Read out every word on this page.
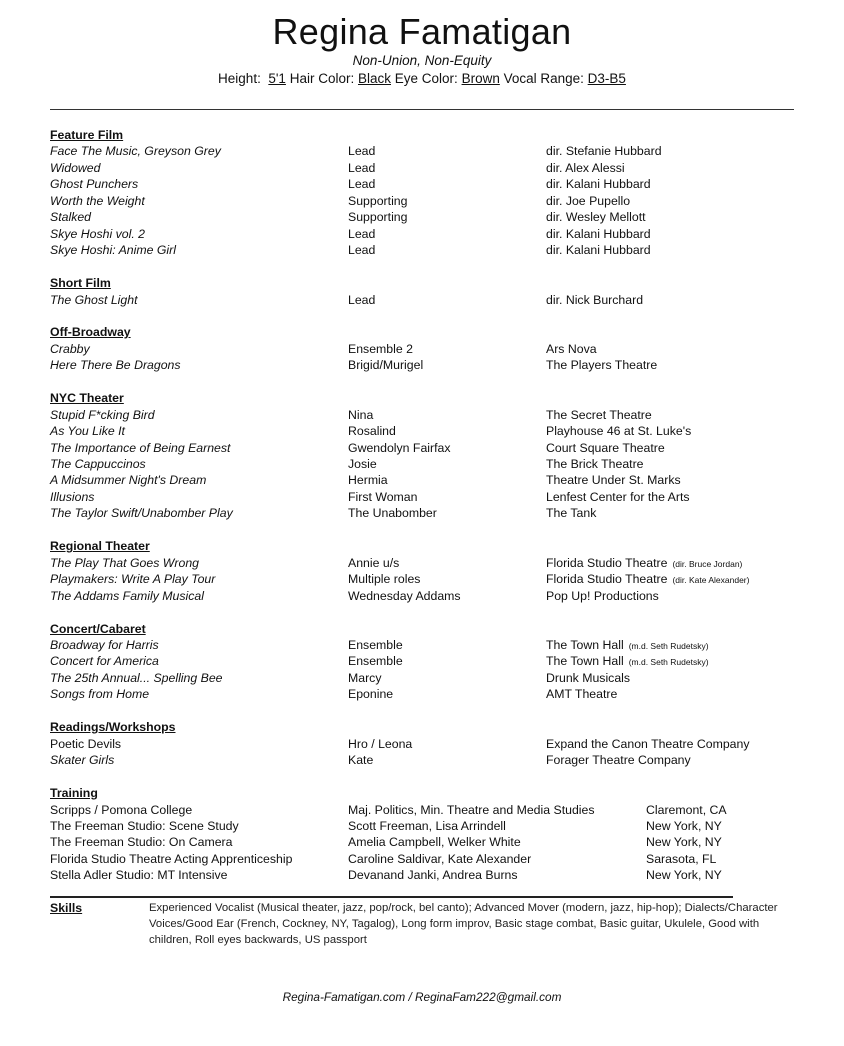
Regina Famatigan
Non-Union, Non-Equity
Height: 5'1 Hair Color: Black Eye Color: Brown Vocal Range: D3-B5
Feature Film
Face The Music, Greyson Grey	Lead	dir. Stefanie Hubbard
Widowed	Lead	dir. Alex Alessi
Ghost Punchers	Lead	dir. Kalani Hubbard
Worth the Weight	Supporting	dir. Joe Pupello
Stalked	Supporting	dir. Wesley Mellott
Skye Hoshi vol. 2	Lead	dir. Kalani Hubbard
Skye Hoshi: Anime Girl	Lead	dir. Kalani Hubbard
Short Film
The Ghost Light	Lead	dir. Nick Burchard
Off-Broadway
Crabby	Ensemble 2	Ars Nova
Here There Be Dragons	Brigid/Murigel	The Players Theatre
NYC Theater
Stupid F*cking Bird	Nina	The Secret Theatre
As You Like It	Rosalind	Playhouse 46 at St. Luke's
The Importance of Being Earnest	Gwendolyn Fairfax	Court Square Theatre
The Cappuccinos	Josie	The Brick Theatre
A Midsummer Night's Dream	Hermia	Theatre Under St. Marks
Illusions	First Woman	Lenfest Center for the Arts
The Taylor Swift/Unabomber Play	The Unabomber	The Tank
Regional Theater
The Play That Goes Wrong	Annie u/s	Florida Studio Theatre (dir. Bruce Jordan)
Playmakers: Write A Play Tour	Multiple roles	Florida Studio Theatre (dir. Kate Alexander)
The Addams Family Musical	Wednesday Addams	Pop Up! Productions
Concert/Cabaret
Broadway for Harris	Ensemble	The Town Hall (m.d. Seth Rudetsky)
Concert for America	Ensemble	The Town Hall (m.d. Seth Rudetsky)
The 25th Annual... Spelling Bee	Marcy	Drunk Musicals
Songs from Home	Eponine	AMT Theatre
Readings/Workshops
Poetic Devils	Hro / Leona	Expand the Canon Theatre Company
Skater Girls	Kate	Forager Theatre Company
Training
Scripps / Pomona College	Maj. Politics, Min. Theatre and Media Studies	Claremont, CA
The Freeman Studio: Scene Study	Scott Freeman, Lisa Arrindell	New York, NY
The Freeman Studio: On Camera	Amelia Campbell, Welker White	New York, NY
Florida Studio Theatre Acting Apprenticeship	Caroline Saldivar, Kate Alexander	Sarasota, FL
Stella Adler Studio: MT Intensive	Devanand Janki, Andrea Burns	New York, NY
Skills	Experienced Vocalist (Musical theater, jazz, pop/rock, bel canto); Advanced Mover (modern, jazz, hip-hop); Dialects/Character Voices/Good Ear (French, Cockney, NY, Tagalog), Long form improv, Basic stage combat, Basic guitar, Ukulele, Good with children, Roll eyes backwards, US passport
Regina-Famatigan.com / ReginaFam222@gmail.com
